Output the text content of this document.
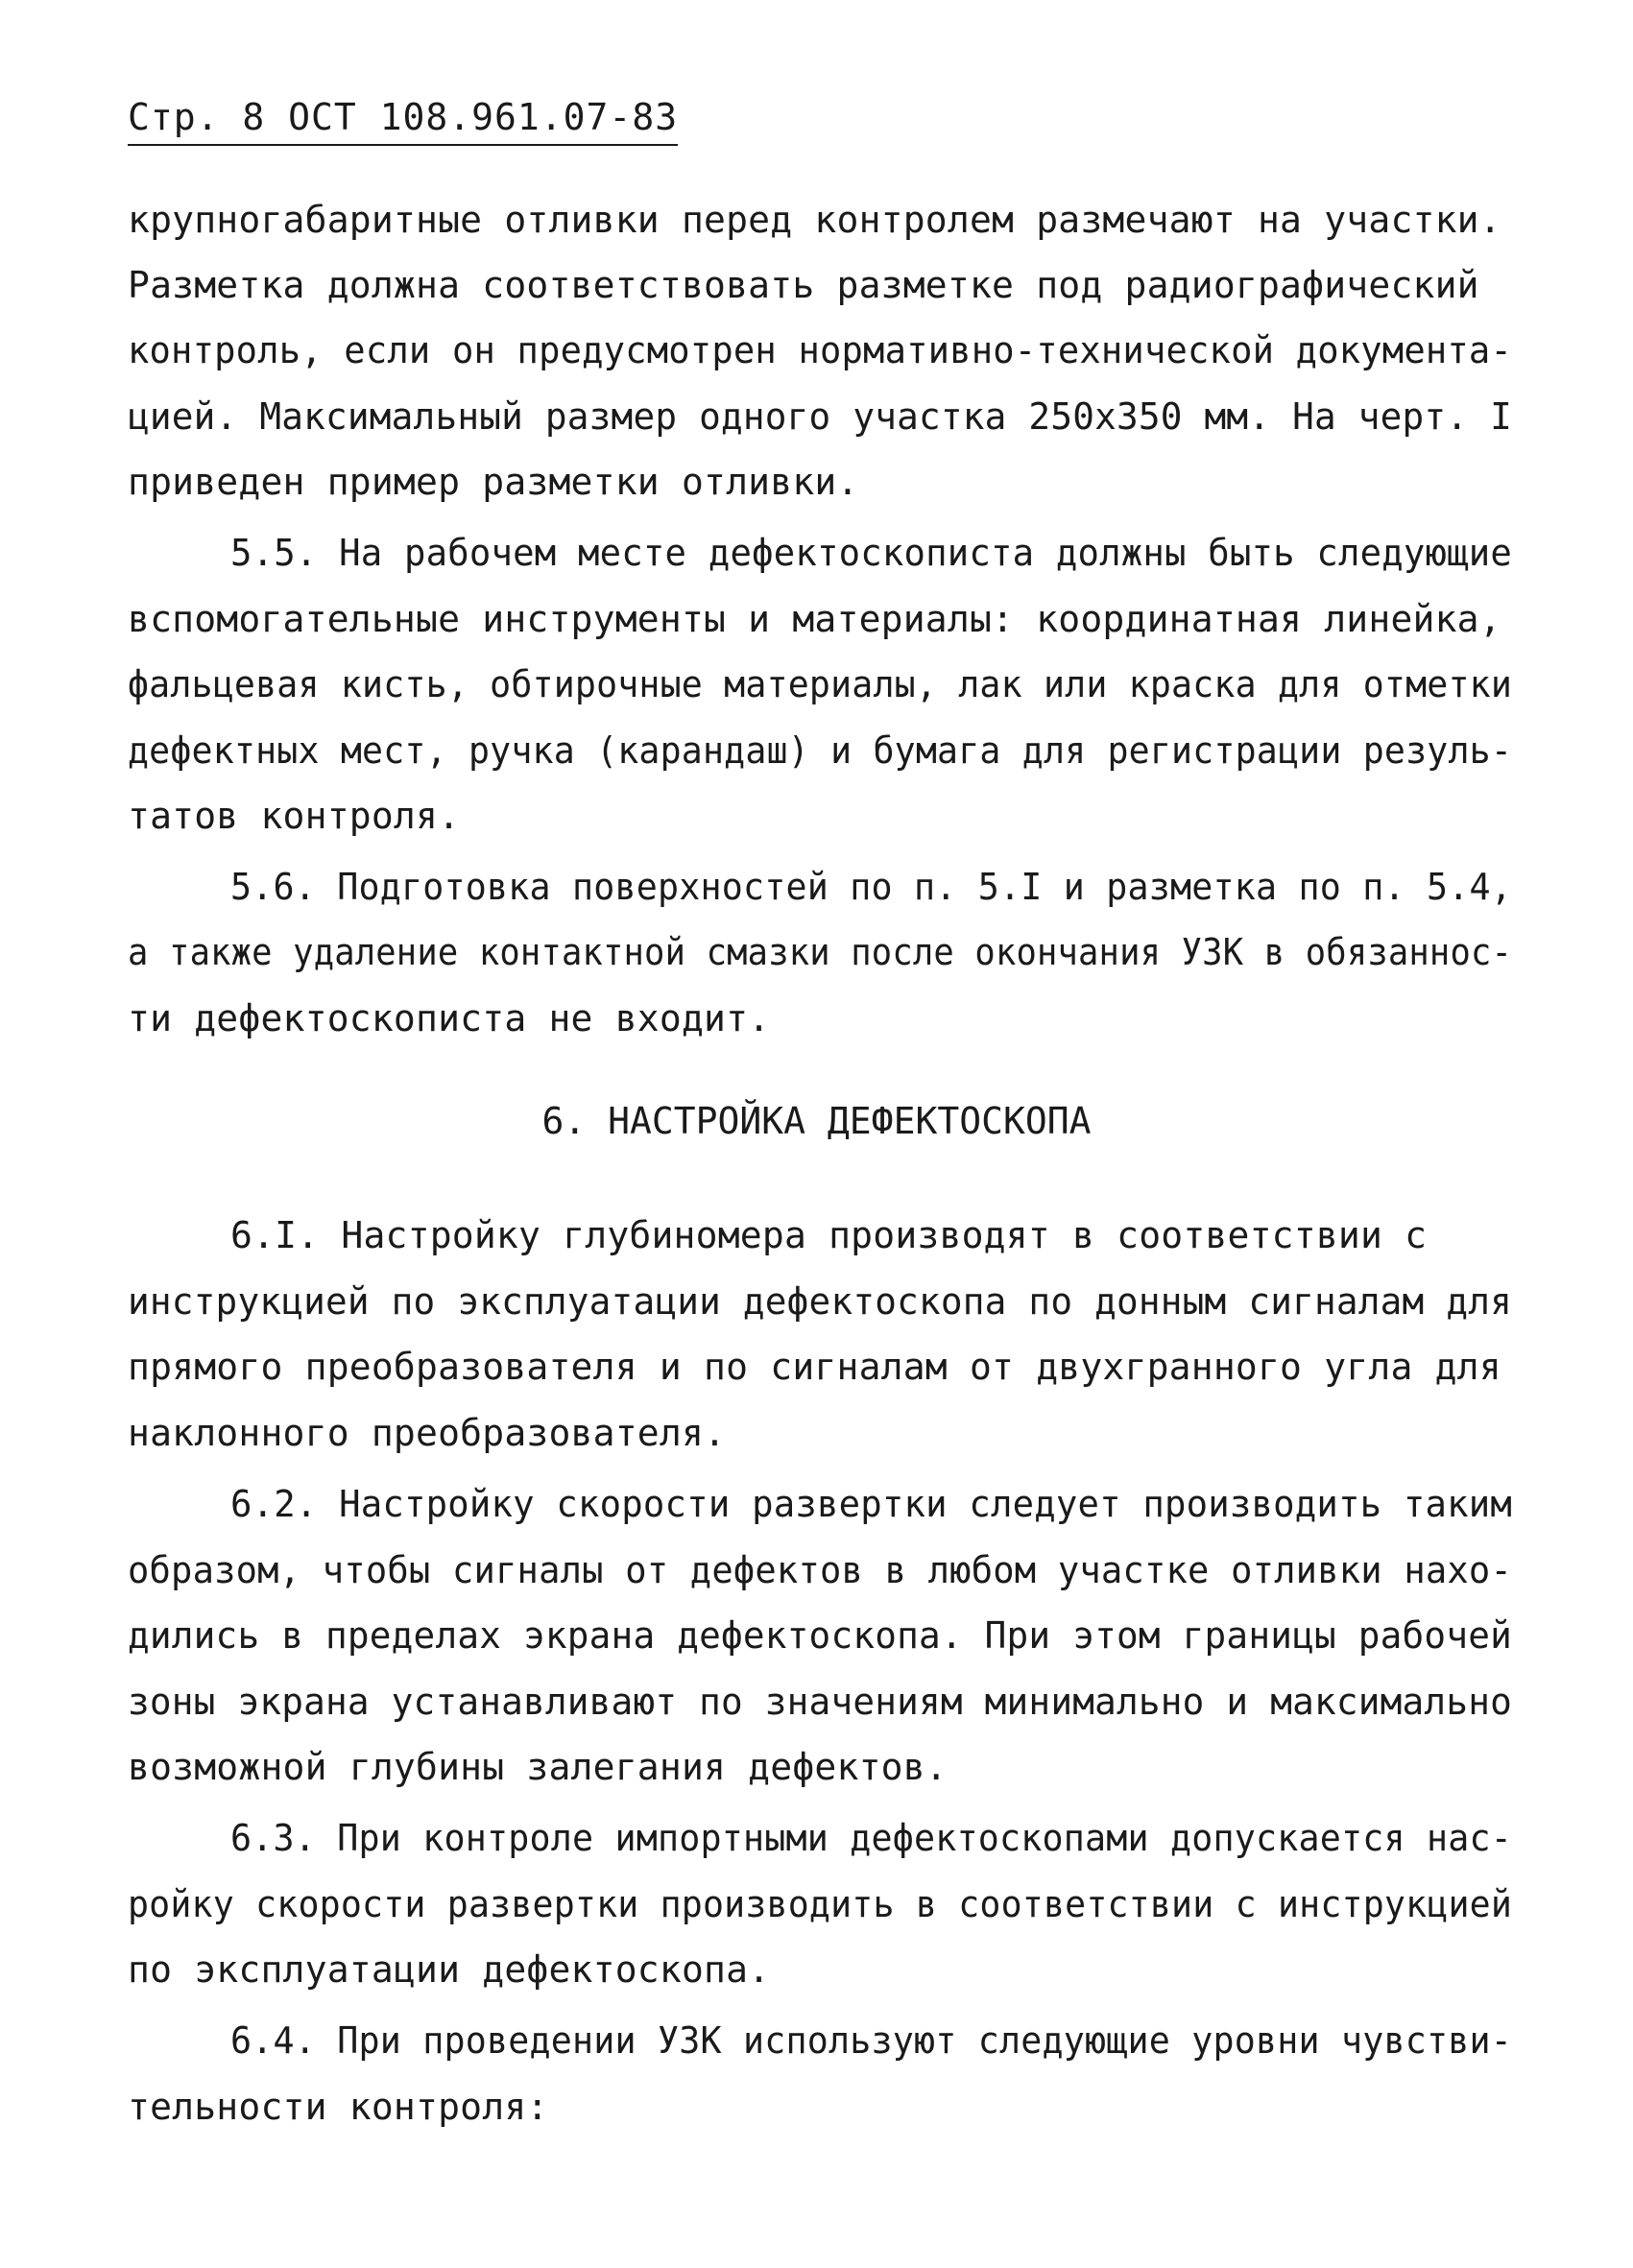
Стр. 8 ОСТ 108.961.07-83
крупногабаритные отливки перед контролем размечают на участки.
Разметка должна соответствовать разметке под радиографический
контроль, если он предусмотрен нормативно-технической документа-
цией. Максимальный размер одного участка 250х350 мм. На черт. I
приведен пример разметки отливки.
5.5. На рабочем месте дефектоскописта должны быть следующие
вспомогательные инструменты и материалы: координатная линейка,
фальцевая кисть, обтирочные материалы, лак или краска для отметки
дефектных мест, ручка (карандаш) и бумага для регистрации резуль-
татов контроля.
5.6. Подготовка поверхностей по п. 5.I и разметка по п. 5.4,
а также удаление контактной смазки после окончания УЗК в обязаннос-
ти дефектоскописта не входит.
6. НАСТРОЙКА ДЕФЕКТОСКОПА
6.I. Настройку глубиномера производят в соответствии с
инструкцией по эксплуатации дефектоскопа по донным сигналам для
прямого преобразователя и по сигналам от двухгранного угла для
наклонного преобразователя.
6.2. Настройку скорости развертки следует производить таким
образом, чтобы сигналы от дефектов в любом участке отливки нахо-
дились в пределах экрана дефектоскопа. При этом границы рабочей
зоны экрана устанавливают по значениям минимально и максимально
возможной глубины залегания дефектов.
6.3. При контроле импортными дефектоскопами допускается нас-
ройку скорости развертки производить в соответствии с инструкцией
по эксплуатации дефектоскопа.
6.4. При проведении УЗК используют следующие уровни чувстви-
тельности контроля:
